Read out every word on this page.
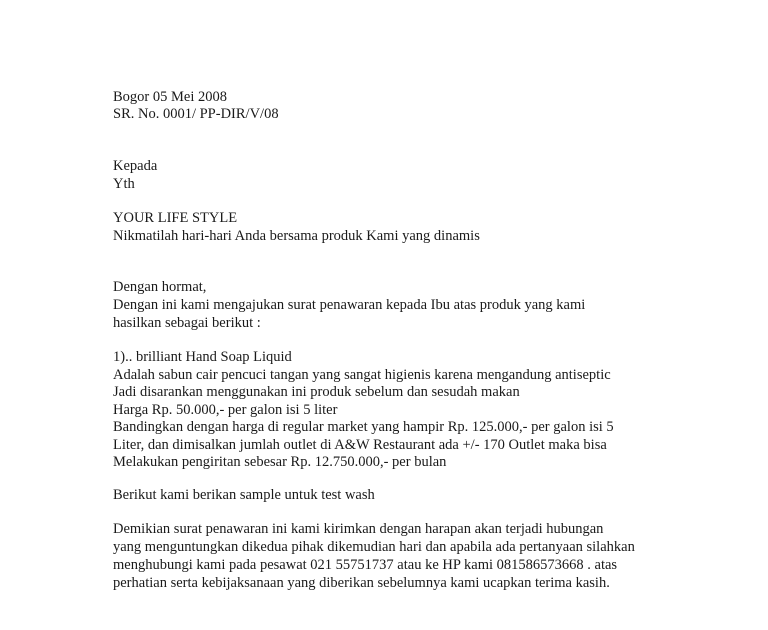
Bogor 05 Mei 2008
SR. No. 0001/ PP-DIR/V/08
Kepada
Yth
YOUR LIFE STYLE
Nikmatilah hari-hari Anda bersama produk Kami yang dinamis
Dengan hormat,
Dengan ini kami mengajukan surat penawaran kepada Ibu atas produk yang kami
hasilkan sebagai berikut :
1).. brilliant Hand Soap Liquid
Adalah sabun cair pencuci tangan yang sangat higienis karena mengandung antiseptic
Jadi disarankan menggunakan ini produk sebelum dan sesudah makan
Harga Rp. 50.000,- per galon isi 5 liter
Bandingkan dengan harga di regular market yang hampir Rp. 125.000,- per galon isi 5
Liter, dan dimisalkan jumlah outlet di A&W Restaurant ada +/- 170 Outlet maka bisa
Melakukan pengiritan sebesar Rp. 12.750.000,- per bulan
Berikut kami berikan sample untuk test wash
Demikian surat penawaran ini kami kirimkan dengan harapan akan terjadi hubungan
yang menguntungkan dikedua pihak dikemudian hari dan apabila ada pertanyaan silahkan
menghubungi kami pada pesawat 021 55751737 atau ke HP kami 081586573668 . atas
perhatian serta kebijaksanaan yang diberikan sebelumnya kami ucapkan terima kasih.
